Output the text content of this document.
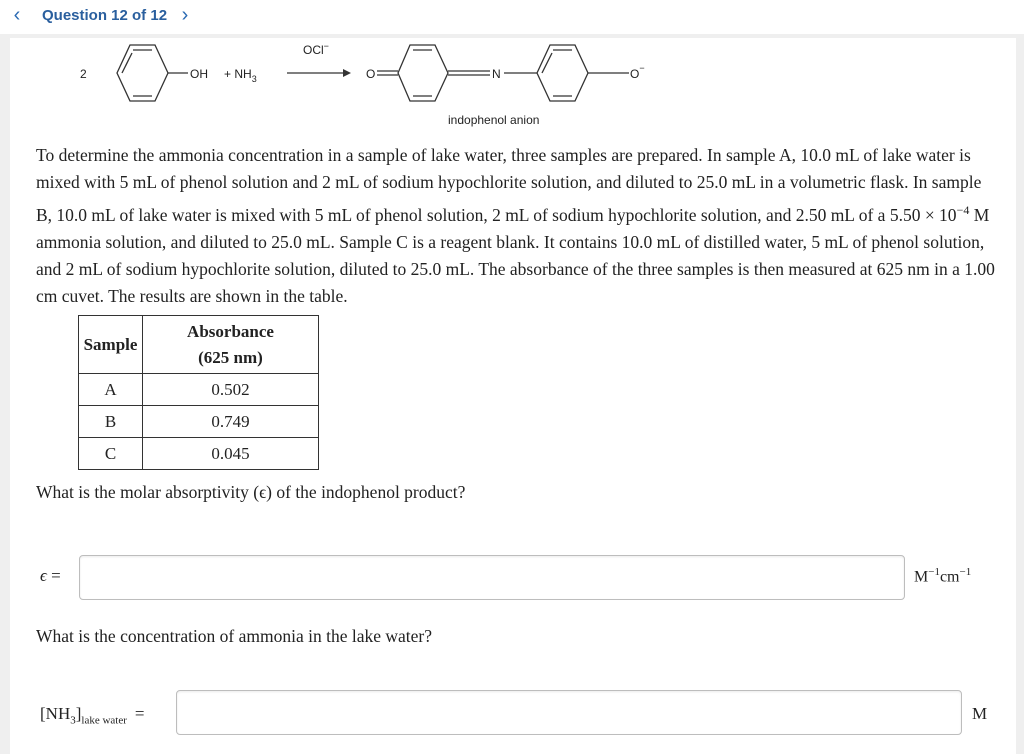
‹	Question 12 of 12 ›
2	OH + $NH_3$
OCl−
O	N	O−
indophenol anion
To determine the ammonia concentration in a sample of lake water, three samples are prepared. In sample A, 10.0 mL of lake water is mixed with 5 mL of phenol solution and 2 mL of sodium hypochlorite solution, and diluted to 25.0 mL in a volumetric flask. In sample B, 10.0 mL of lake water is mixed with 5 mL of phenol solution, 2 mL of sodium hypochlorite solution, and 2.50 mL of a $5.50 \times 10^{-4}$ M ammonia solution, and diluted to 25.0 mL. Sample C is a reagent blank. It contains 10.0 mL of distilled water, 5 mL of phenol solution, and 2 mL of sodium hypochlorite solution, diluted to 25.0 mL. The absorbance of the three samples is then measured at 625 nm in a 1.00 cm cuvet. The results are shown in the table.
Sample	Absorbance
(625 nm)
A	0.502
B	0.749
C	0.045
What is the molar absorptivity (ϵ) of the indophenol product?
ϵ =	$M^{-1}cm^{-1}$
What is the concentration of ammonia in the lake water?
$[NH_3]_{lake water}$ =	M
